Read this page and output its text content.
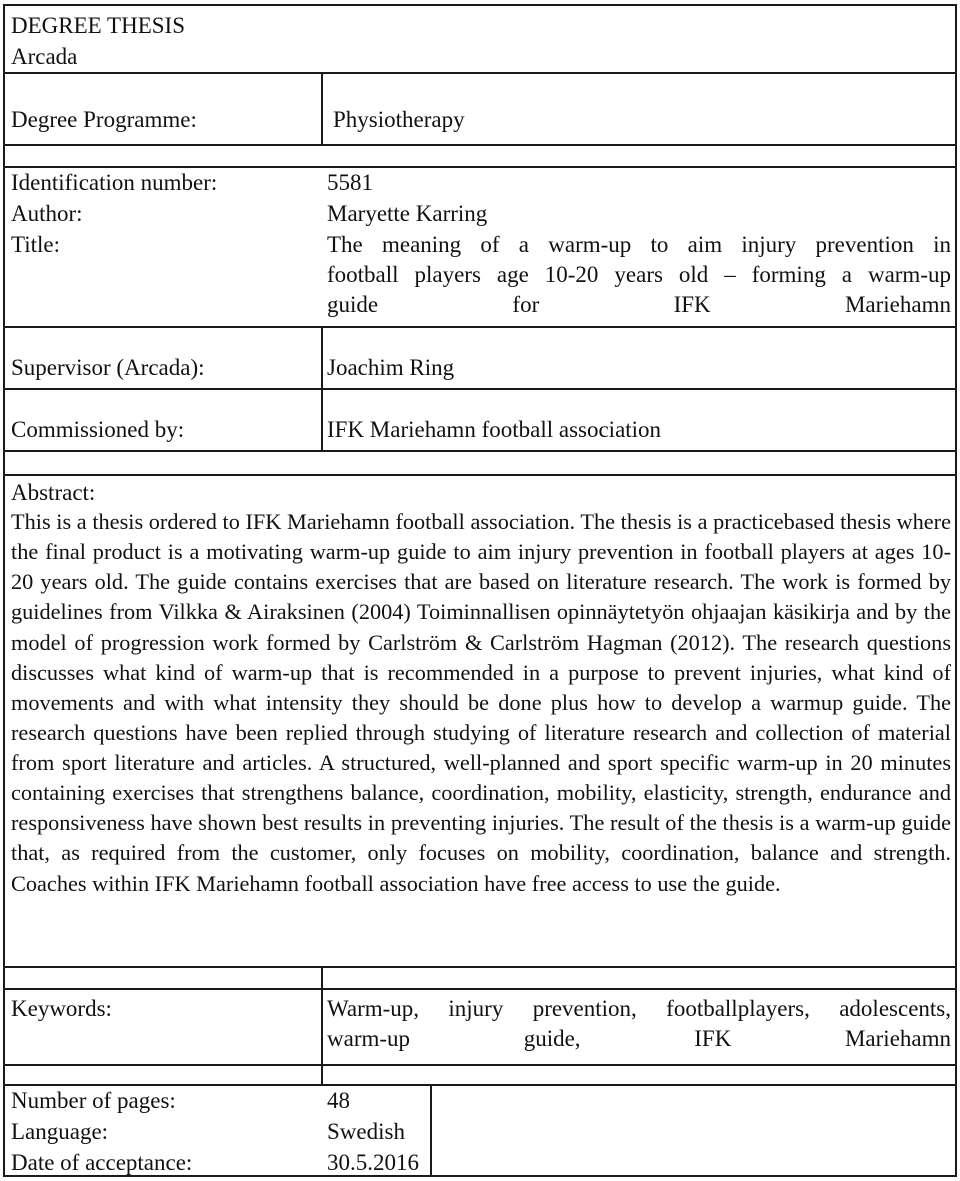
DEGREE THESIS
Arcada
Degree Programme:	Physiotherapy
Identification number:	5581
Author:	Maryette Karring
Title:	The meaning of a warm-up to aim injury prevention in
football players age 10-20 years old – forming a warm-up
guide for IFK Mariehamn
Supervisor (Arcada):	Joachim Ring
Commissioned by:	IFK Mariehamn football association
Abstract:
This is a thesis ordered to IFK Mariehamn football association. The thesis is a practicebased thesis where the final product is a motivating warm-up guide to aim injury prevention in football players at ages 10-20 years old. The guide contains exercises that are based on literature research. The work is formed by guidelines from Vilkka & Airaksinen (2004) Toiminnallisen opinnäytetyön ohjaajan käsikirja and by the model of progression work formed by Carlström & Carlström Hagman (2012). The research questions discusses what kind of warm-up that is recommended in a purpose to prevent injuries, what kind of movements and with what intensity they should be done plus how to develop a warmup guide. The research questions have been replied through studying of literature research and collection of material from sport literature and articles. A structured, well-planned and sport specific warm-up in 20 minutes containing exercises that strengthens balance, coordination, mobility, elasticity, strength, endurance and responsiveness have shown best results in preventing injuries. The result of the thesis is a warm-up guide that, as required from the customer, only focuses on mobility, coordination, balance and strength. Coaches within IFK Mariehamn football association have free access to use the guide.
Keywords:	Warm-up, injury prevention, footballplayers, adolescents,
warm-up guide, IFK Mariehamn
Number of pages:	48
Language:	Swedish
Date of acceptance:	30.5.2016
